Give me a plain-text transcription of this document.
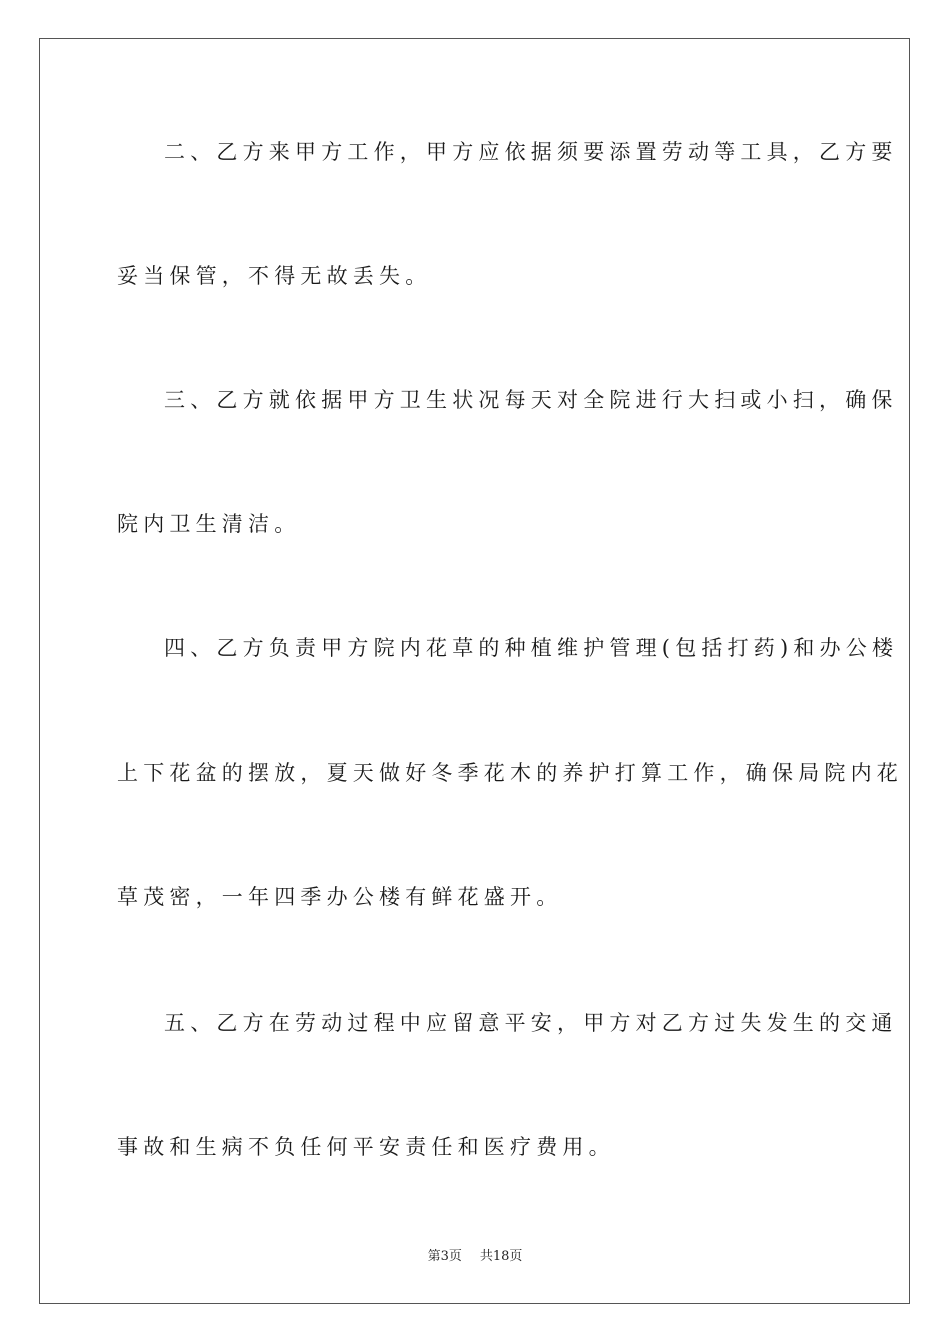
二、乙方来甲方工作，甲方应依据须要添置劳动等工具，乙方要
妥当保管，不得无故丢失。
三、乙方就依据甲方卫生状况每天对全院进行大扫或小扫，确保
院内卫生清洁。
四、乙方负责甲方院内花草的种植维护管理(包括打药)和办公楼
上下花盆的摆放，夏天做好冬季花木的养护打算工作，确保局院内花
草茂密，一年四季办公楼有鲜花盛开。
五、乙方在劳动过程中应留意平安，甲方对乙方过失发生的交通
事故和生病不负任何平安责任和医疗费用。
第3页 共18页
